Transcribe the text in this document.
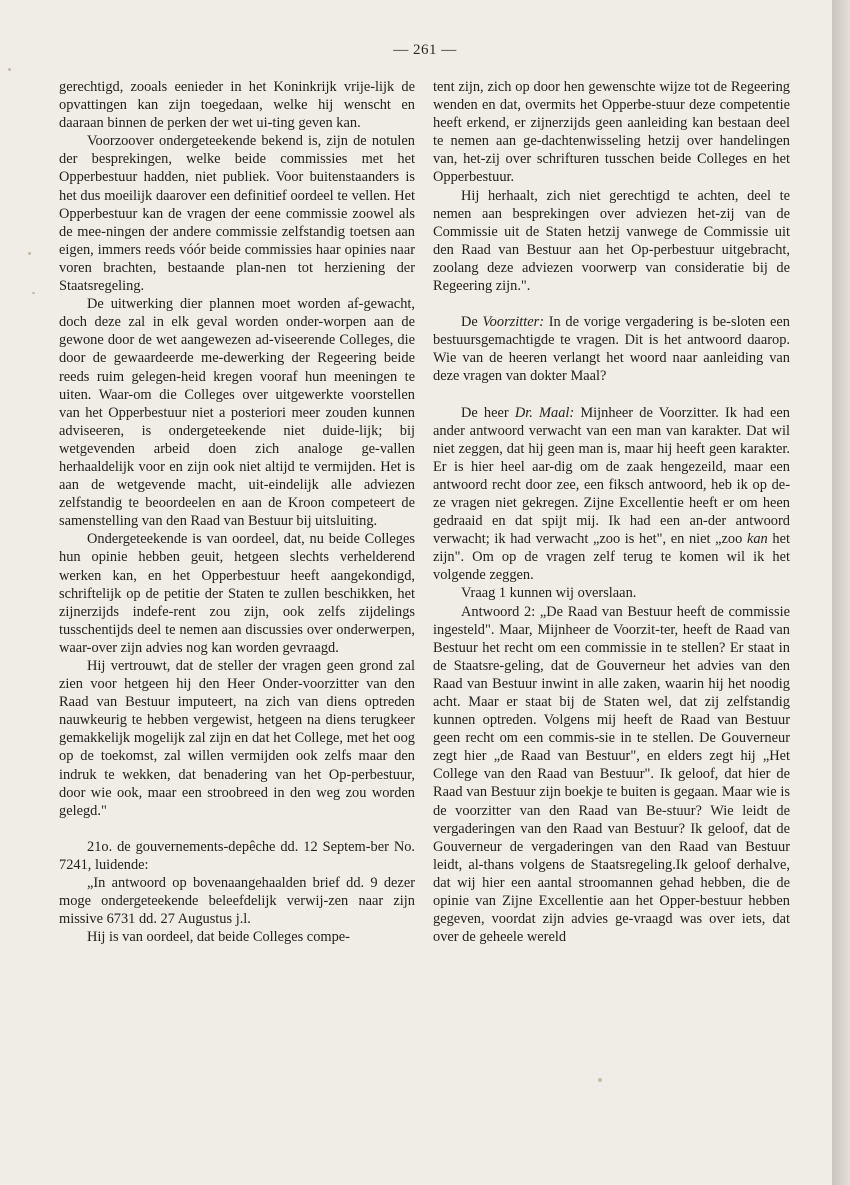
— 261 —

gerechtigd, zooals eenieder in het Koninkrijk vrije-lijk de opvattingen kan zijn toegedaan, welke hij wenscht en daaraan binnen de perken der wet ui-ting geven kan.

Voorzoover ondergeteekende bekend is, zijn de notulen der besprekingen, welke beide commissies met het Opperbestuur hadden, niet publiek. Voor buitenstaanders is het dus moeilijk daarover een definitief oordeel te vellen. Het Opperbestuur kan de vragen der eene commissie zoowel als de mee-ningen der andere commissie zelfstandig toetsen aan eigen, immers reeds vóór beide commissies haar opinies naar voren brachten, bestaande plan-nen tot herziening der Staatsregeling.

De uitwerking dier plannen moet worden af-gewacht, doch deze zal in elk geval worden onder-worpen aan de gewone door de wet aangewezen ad-viseerende Colleges, die door de gewaardeerde me-dewerking der Regeering beide reeds ruim gelegen-heid kregen vooraf hun meeningen te uiten. Waar-om die Colleges over uitgewerkte voorstellen van het Opperbestuur niet a posteriori meer zouden kunnen adviseeren, is ondergeteekende niet duide-lijk; bij wetgevenden arbeid doen zich analoge ge-vallen herhaaldelijk voor en zijn ook niet altijd te vermijden. Het is aan de wetgevende macht, uit-eindelijk alle adviezen zelfstandig te beoordeelen en aan de Kroon competeert de samenstelling van den Raad van Bestuur bij uitsluiting.

Ondergeteekende is van oordeel, dat, nu beide Colleges hun opinie hebben geuit, hetgeen slechts verhelderend werken kan, en het Opperbestuur heeft aangekondigd, schriftelijk op de petitie der Staten te zullen beschikken, het zijnerzijds indefe-rent zou zijn, ook zelfs zijdelings tusschentijds deel te nemen aan discussies over onderwerpen, waar-over zijn advies nog kan worden gevraagd.

Hij vertrouwt, dat de steller der vragen geen grond zal zien voor hetgeen hij den Heer Onder-voorzitter van den Raad van Bestuur imputeert, na zich van diens optreden nauwkeurig te hebben vergewist, hetgeen na diens terugkeer gemakkelijk mogelijk zal zijn en dat het College, met het oog op de toekomst, zal willen vermijden ook zelfs maar den indruk te wekken, dat benadering van het Op-perbestuur, door wie ook, maar een stroobreed in den weg zou worden gelegd."

21o. de gouvernements-depêche dd. 12 Septem-ber No. 7241, luidende:

„In antwoord op bovenaangehaalden brief dd. 9 dezer moge ondergeteekende beleefdelijk verwij-zen naar zijn missive 6731 dd. 27 Augustus j.l.

Hij is van oordeel, dat beide Colleges compe-

tent zijn, zich op door hen gewenschte wijze tot de Regeering wenden en dat, overmits het Opperbe-stuur deze competentie heeft erkend, er zijnerzijds geen aanleiding kan bestaan deel te nemen aan ge-dachtenwisseling hetzij over handelingen van, het-zij over schrifturen tusschen beide Colleges en het Opperbestuur.

Hij herhaalt, zich niet gerechtigd te achten, deel te nemen aan besprekingen over adviezen het-zij van de Commissie uit de Staten hetzij vanwege de Commissie uit den Raad van Bestuur aan het Op-perbestuur uitgebracht, zoolang deze adviezen voorwerp van consideratie bij de Regeering zijn.".

De Voorzitter: In de vorige vergadering is be-sloten een bestuursgemachtigde te vragen. Dit is het antwoord daarop. Wie van de heeren verlangt het woord naar aanleiding van deze vragen van dokter Maal?

De heer Dr. Maal: Mijnheer de Voorzitter. Ik had een ander antwoord verwacht van een man van karakter. Dat wil niet zeggen, dat hij geen man is, maar hij heeft geen karakter. Er is hier heel aar-dig om de zaak hengezeild, maar een antwoord recht door zee, een fiksch antwoord, heb ik op de-ze vragen niet gekregen. Zijne Excellentie heeft er om heen gedraaid en dat spijt mij. Ik had een an-der antwoord verwacht; ik had verwacht „zoo is het", en niet „zoo kan het zijn". Om op de vragen zelf terug te komen wil ik het volgende zeggen.

Vraag 1 kunnen wij overslaan.

Antwoord 2: „De Raad van Bestuur heeft de commissie ingesteld". Maar, Mijnheer de Voorzit-ter, heeft de Raad van Bestuur het recht om een commissie in te stellen? Er staat in de Staatsre-geling, dat de Gouverneur het advies van den Raad van Bestuur inwint in alle zaken, waarin hij het noodig acht. Maar er staat bij de Staten wel, dat zij zelfstandig kunnen optreden. Volgens mij heeft de Raad van Bestuur geen recht om een commis-sie in te stellen. De Gouverneur zegt hier „de Raad van Bestuur", en elders zegt hij „Het College van den Raad van Bestuur". Ik geloof, dat hier de Raad van Bestuur zijn boekje te buiten is gegaan. Maar wie is de voorzitter van den Raad van Be-stuur? Wie leidt de vergaderingen van den Raad van Bestuur? Ik geloof, dat de Gouverneur de vergaderingen van den Raad van Bestuur leidt, al-thans volgens de Staatsregeling.Ik geloof derhalve, dat wij hier een aantal stroomannen gehad hebben, die de opinie van Zijne Excellentie aan het Opper-bestuur hebben gegeven, voordat zijn advies ge-vraagd was over iets, dat over de geheele wereld
